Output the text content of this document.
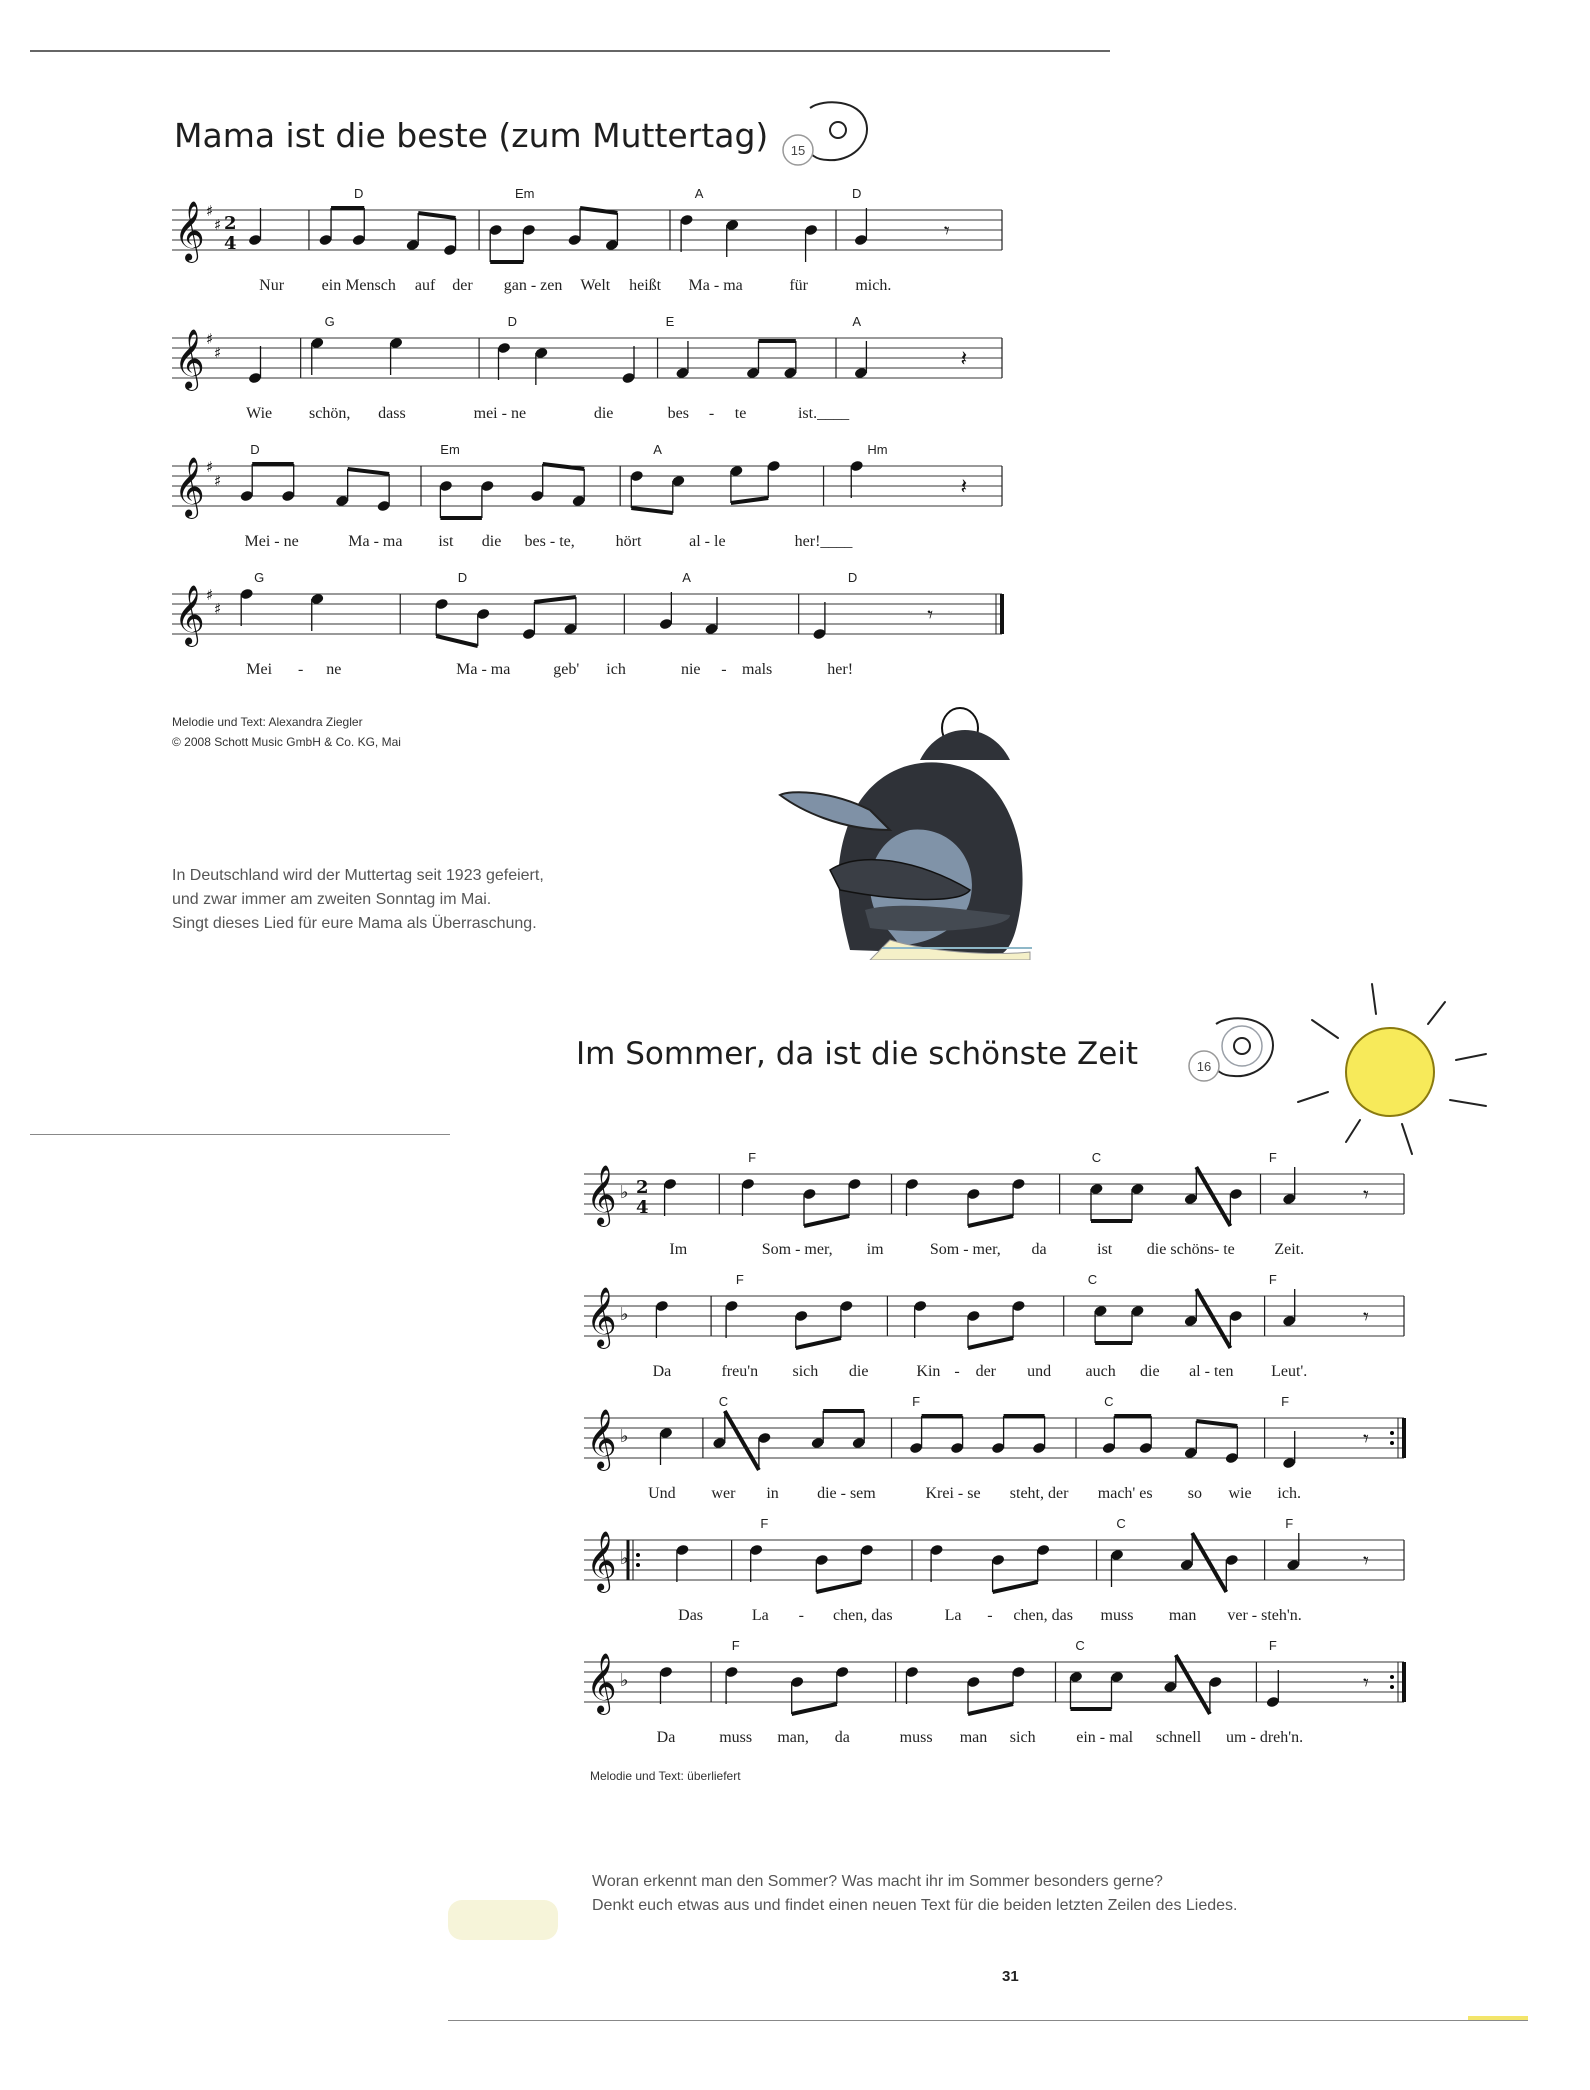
Mama ist die beste (zum Muttertag) 15
D	Em	A	D
𝄞 ♯
♯ 2
4	𝄾
Nur ein Mensch auf der gan - zen Welt heißt Ma - ma	für	mich.
G	D	E	A
𝄞 ♯
♯	𝄽
Wie schön, dass	mei - ne	die	bes - te	ist.____
D	Em	A	Hm
𝄞 ♯
♯	𝄽
Mei - ne	Ma - ma ist die bes - te,	hört	al - le	her!____
G	D	A	D
𝄞 ♯
♯	𝄾
Mei - ne	Ma - ma	geb' ich	nie - mals	her!
Melodie und Text: Alexandra Ziegler
© 2008 Schott Music GmbH & Co. KG, Mai
In Deutschland wird der Muttertag seit 1923 gefeiert,
und zwar immer am zweiten Sonntag im Mai.
Singt dieses Lied für eure Mama als Überraschung.
Im Sommer, da ist die schönste Zeit	16
F	C	F
𝄞 ♭ 2
4	𝄾
Im	Som - mer, im	Som - mer, da	ist die schöns- te Zeit.
F	C	F
𝄞 ♭	𝄾
Da	freu'n sich die	Kin - der und auch die al - ten Leut'.
C	F	C	F
𝄞 ♭	𝄾
Und wer in die - sem	Krei - se steht, der mach' es so wie ich.
F	C	F
𝄞 ♭	𝄾
Das	La - chen, das	La - chen, das muss man ver - steh'n.
F	C	F
𝄞 ♭	𝄾
Da	muss man, da	muss man sich	ein - mal schnell um - dreh'n.
Melodie und Text: überliefert
Woran erkennt man den Sommer? Was macht ihr im Sommer besonders gerne?
Denkt euch etwas aus und findet einen neuen Text für die beiden letzten Zeilen des Liedes.
31
